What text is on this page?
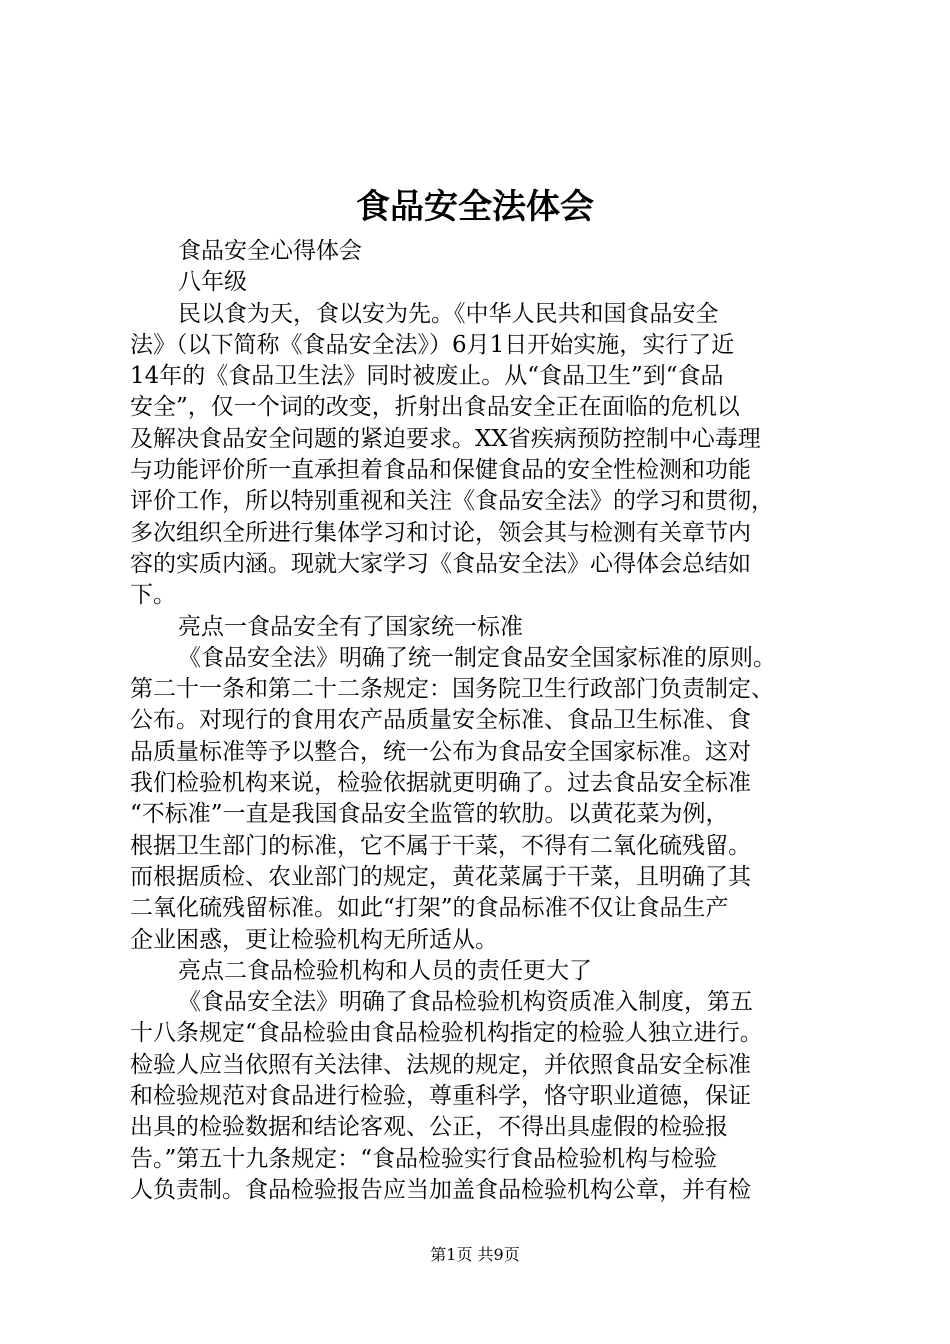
食品安全法体会
食品安全心得体会
八年级
民以食为天，食以安为先。《中华人民共和国食品安全
法》（以下简称《食品安全法》）6月1日开始实施，实行了近
14年的《食品卫生法》同时被废止。从“食品卫生”到“食品
安全”，仅一个词的改变，折射出食品安全正在面临的危机以
及解决食品安全问题的紧迫要求。XX省疾病预防控制中心毒理
与功能评价所一直承担着食品和保健食品的安全性检测和功能
评价工作，所以特别重视和关注《食品安全法》的学习和贯彻，
多次组织全所进行集体学习和讨论，领会其与检测有关章节内
容的实质内涵。现就大家学习《食品安全法》心得体会总结如
下。
亮点一食品安全有了国家统一标准
《食品安全法》明确了统一制定食品安全国家标准的原则。
第二十一条和第二十二条规定：国务院卫生行政部门负责制定、
公布。对现行的食用农产品质量安全标准、食品卫生标准、食
品质量标准等予以整合，统一公布为食品安全国家标准。这对
我们检验机构来说，检验依据就更明确了。过去食品安全标准
“不标准”一直是我国食品安全监管的软肋。以黄花菜为例，
根据卫生部门的标准，它不属于干菜，不得有二氧化硫残留。
而根据质检、农业部门的规定，黄花菜属于干菜，且明确了其
二氧化硫残留标准。如此“打架”的食品标准不仅让食品生产
企业困惑，更让检验机构无所适从。
亮点二食品检验机构和人员的责任更大了
《食品安全法》明确了食品检验机构资质准入制度，第五
十八条规定“食品检验由食品检验机构指定的检验人独立进行。
检验人应当依照有关法律、法规的规定，并依照食品安全标准
和检验规范对食品进行检验，尊重科学，恪守职业道德，保证
出具的检验数据和结论客观、公正，不得出具虚假的检验报
告。”第五十九条规定：“食品检验实行食品检验机构与检验
人负责制。食品检验报告应当加盖食品检验机构公章，并有检
第1页 共9页
